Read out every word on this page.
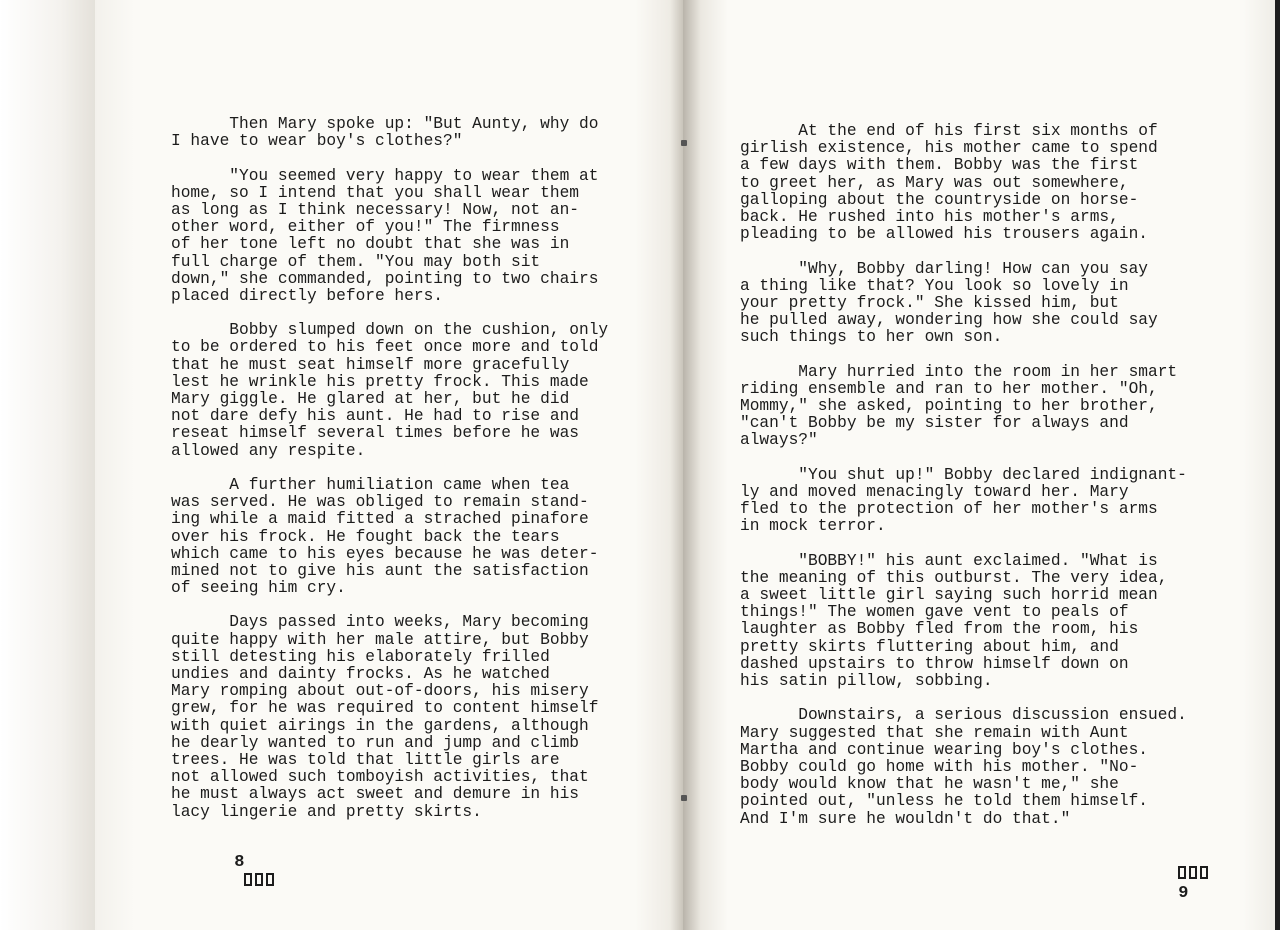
Then Mary spoke up: "But Aunty, why do
I have to wear boy's clothes?"
"You seemed very happy to wear them at
home, so I intend that you shall wear them
as long as I think necessary! Now, not an-
other word, either of you!" The firmness
of her tone left no doubt that she was in
full charge of them. "You may both sit
down," she commanded, pointing to two chairs
placed directly before hers.
Bobby slumped down on the cushion, only
to be ordered to his feet once more and told
that he must seat himself more gracefully
lest he wrinkle his pretty frock. This made
Mary giggle. He glared at her, but he did
not dare defy his aunt. He had to rise and
reseat himself several times before he was
allowed any respite.
A further humiliation came when tea
was served. He was obliged to remain stand-
ing while a maid fitted a strached pinafore
over his frock. He fought back the tears
which came to his eyes because he was deter-
mined not to give his aunt the satisfaction
of seeing him cry.
Days passed into weeks, Mary becoming
quite happy with her male attire, but Bobby
still detesting his elaborately frilled
undies and dainty frocks. As he watched
Mary romping about out-of-doors, his misery
grew, for he was required to content himself
with quiet airings in the gardens, although
he dearly wanted to run and jump and climb
trees. He was told that little girls are
not allowed such tomboyish activities, that
he must always act sweet and demure in his
lacy lingerie and pretty skirts.

8

At the end of his first six months of
girlish existence, his mother came to spend
a few days with them. Bobby was the first
to greet her, as Mary was out somewhere,
galloping about the countryside on horse-
back. He rushed into his mother's arms,
pleading to be allowed his trousers again.
"Why, Bobby darling! How can you say
a thing like that? You look so lovely in
your pretty frock." She kissed him, but
he pulled away, wondering how she could say
such things to her own son.
Mary hurried into the room in her smart
riding ensemble and ran to her mother. "Oh,
Mommy," she asked, pointing to her brother,
"can't Bobby be my sister for always and
always?"
"You shut up!" Bobby declared indignant-
ly and moved menacingly toward her. Mary
fled to the protection of her mother's arms
in mock terror.
"BOBBY!" his aunt exclaimed. "What is
the meaning of this outburst. The very idea,
a sweet little girl saying such horrid mean
things!" The women gave vent to peals of
laughter as Bobby fled from the room, his
pretty skirts fluttering about him, and
dashed upstairs to throw himself down on
his satin pillow, sobbing.
Downstairs, a serious discussion ensued.
Mary suggested that she remain with Aunt
Martha and continue wearing boy's clothes.
Bobby could go home with his mother. "No-
body would know that he wasn't me," she
pointed out, "unless he told them himself.
And I'm sure he wouldn't do that."

9
